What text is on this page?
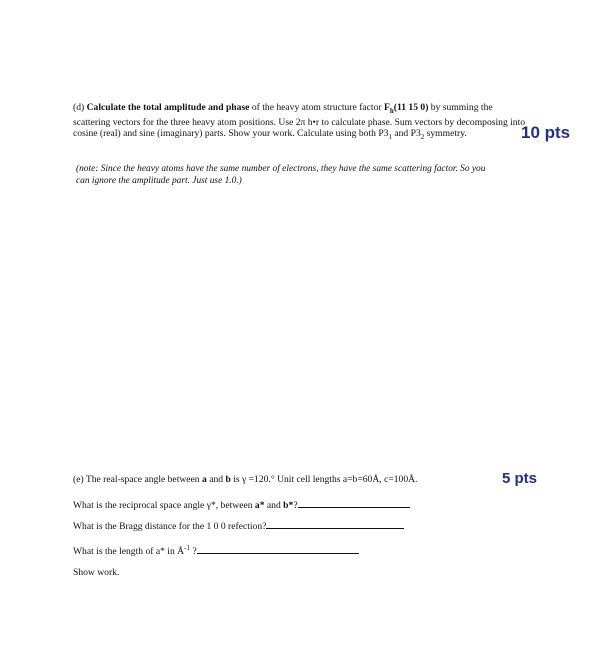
(d) Calculate the total amplitude and phase of the heavy atom structure factor $F_h(11$ 15 0) by summing the scattering vectors for the three heavy atom positions. Use 2π h•r to calculate phase. Sum vectors by decomposing into cosine (real) and sine (imaginary) parts. Show your work. Calculate using both $P3_1$ and $P3_2$ symmetry.	10 pts
(note: Since the heavy atoms have the same number of electrons, they have the same scattering factor. So you can ignore the amplitude part. Just use 1.0.)
(e) The real-space angle between a and b is γ =120.° Unit cell lengths a=b=60Å, c=100Å.	5 pts
What is the reciprocal space angle γ*, between a* and b*?
What is the Bragg distance for the 1 0 0 refection?
What is the length of a* in $Å^{-1}$ ?
Show work.
